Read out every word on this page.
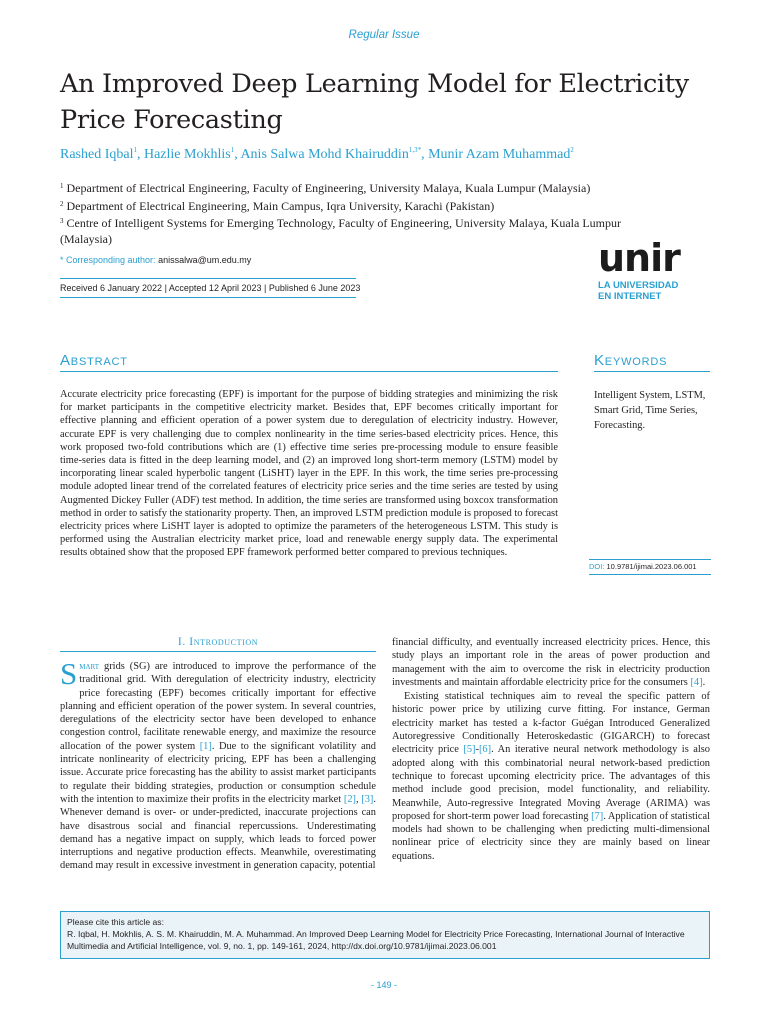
Regular Issue
An Improved Deep Learning Model for Electricity Price Forecasting
Rashed Iqbal$^1$, Hazlie Mokhlis$^1$, Anis Salwa Mohd Khairuddin$^{1,3*}$, Munir Azam Muhammad$^2$
$^1$ Department of Electrical Engineering, Faculty of Engineering, University Malaya, Kuala Lumpur (Malaysia)
$^2$ Department of Electrical Engineering, Main Campus, Iqra University, Karachi (Pakistan)
$^3$ Centre of Intelligent Systems for Emerging Technology, Faculty of Engineering, University Malaya, Kuala Lumpur (Malaysia)
* Corresponding author: anissalwa@um.edu.my
Received 6 January 2022 | Accepted 12 April 2023 | Published 6 June 2023
unir
LA UNIVERSIDAD
EN INTERNET
Abstract	Keywords
Accurate electricity price forecasting (EPF) is important for the purpose of bidding strategies and minimizing the risk for market participants in the competitive electricity market. Besides that, EPF becomes critically important for effective planning and efficient operation of a power system due to deregulation of electricity industry. However, accurate EPF is very challenging due to complex nonlinearity in the time series-based electricity prices. Hence, this work proposed two-fold contributions which are (1) effective time series pre-processing module to ensure feasible time-series data is fitted in the deep learning model, and (2) an improved long short-term memory (LSTM) model by incorporating linear scaled hyperbolic tangent (LiSHT) layer in the EPF. In this work, the time series pre-processing module adopted linear trend of the correlated features of electricity price series and the time series are tested by using Augmented Dickey Fuller (ADF) test method. In addition, the time series are transformed using boxcox transformation method in order to satisfy the stationarity property. Then, an improved LSTM prediction module is proposed to forecast electricity prices where LiSHT layer is adopted to optimize the parameters of the heterogeneous LSTM. This study is performed using the Australian electricity market price, load and renewable energy supply data. The experimental results obtained show that the proposed EPF framework performed better compared to previous techniques.
Intelligent System, LSTM, Smart Grid, Time Series, Forecasting.
DOI: 10.9781/ijimai.2023.06.001
I. Introduction

Smart grids (SG) are introduced to improve the performance of the traditional grid. With deregulation of electricity industry, electricity price forecasting (EPF) becomes critically important for effective planning and efficient operation of the power system. In several countries, deregulations of the electricity sector have been developed to enhance congestion control, facilitate renewable energy, and maximize the resource allocation of the power system [1]. Due to the significant volatility and intricate nonlinearity of electricity pricing, EPF has been a challenging issue. Accurate price forecasting has the ability to assist market participants to regulate their bidding strategies, production or consumption schedule with the intention to maximize their profits in the electricity market [2], [3]. Whenever demand is over- or under-predicted, inaccurate projections can have disastrous social and financial repercussions. Underestimating demand has a negative impact on supply, which leads to forced power interruptions and negative production effects. Meanwhile, overestimating demand may result in excessive investment in generation capacity, potential

financial difficulty, and eventually increased electricity prices. Hence, this study plays an important role in the areas of power production and management with the aim to overcome the risk in electricity production investments and maintain affordable electricity price for the consumers [4].

Existing statistical techniques aim to reveal the specific pattern of historic power price by utilizing curve fitting. For instance, German electricity market has tested a k-factor Guégan Introduced Generalized Autoregressive Conditionally Heteroskedastic (GIGARCH) to forecast electricity price [5]-[6]. An iterative neural network methodology is also adopted along with this combinatorial neural network-based prediction technique to forecast upcoming electricity price. The advantages of this method include good precision, model functionality, and reliability. Meanwhile, Auto-regressive Integrated Moving Average (ARIMA) was proposed for short-term power load forecasting [7]. Application of statistical models had shown to be challenging when predicting multi-dimensional nonlinear price of electricity since they are mainly based on linear equations.

Please cite this article as:
R. Iqbal, H. Mokhlis, A. S. M. Khairuddin, M. A. Muhammad. An Improved Deep Learning Model for Electricity Price Forecasting, International Journal of Interactive Multimedia and Artificial Intelligence, vol. 9, no. 1, pp. 149-161, 2024, http://dx.doi.org/10.9781/ijimai.2023.06.001
- 149 -
